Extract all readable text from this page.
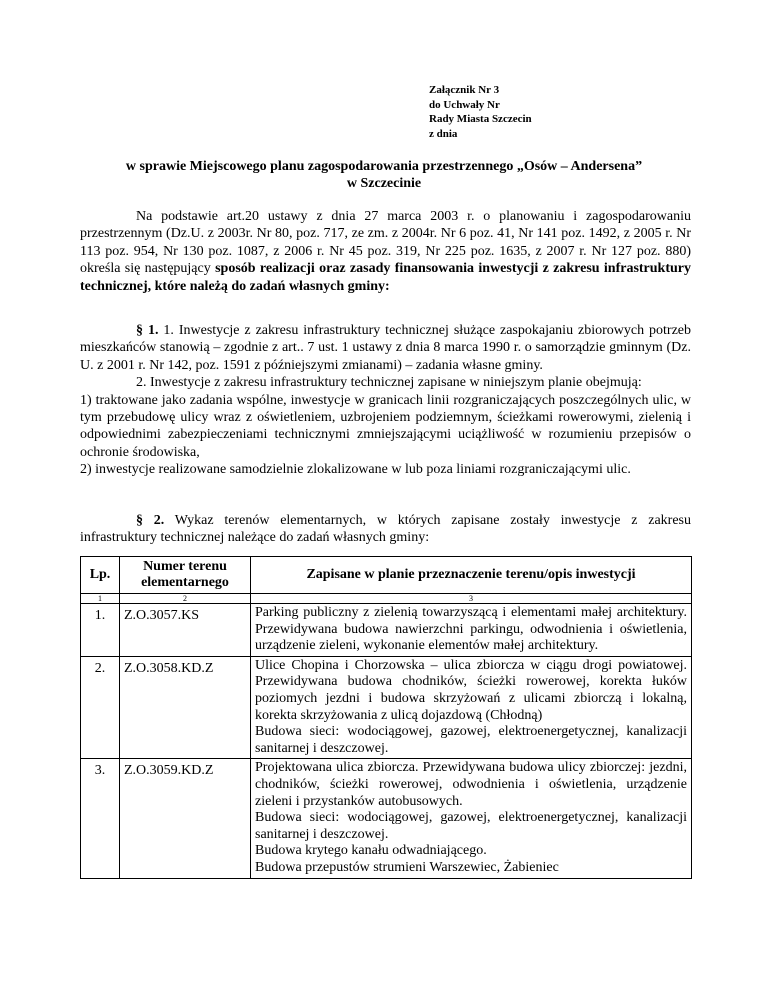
Załącznik Nr 3
do Uchwały Nr
Rady Miasta Szczecin
z dnia
w sprawie Miejscowego planu zagospodarowania przestrzennego „Osów – Andersena”
w Szczecinie

Na podstawie art.20 ustawy z dnia 27 marca 2003 r. o planowaniu i zagospodarowaniu przestrzennym (Dz.U. z 2003r. Nr 80, poz. 717, ze zm. z 2004r. Nr 6 poz. 41, Nr 141 poz. 1492, z 2005 r. Nr 113 poz. 954, Nr 130 poz. 1087, z 2006 r. Nr 45 poz. 319, Nr 225 poz. 1635, z 2007 r. Nr 127 poz. 880) określa się następujący sposób realizacji oraz zasady finansowania inwestycji z zakresu infrastruktury technicznej, które należą do zadań własnych gminy:

§ 1. 1. Inwestycje z zakresu infrastruktury technicznej służące zaspokajaniu zbiorowych potrzeb mieszkańców stanowią – zgodnie z art.. 7 ust. 1 ustawy z dnia 8 marca 1990 r. o samorządzie gminnym (Dz. U. z 2001 r. Nr 142, poz. 1591 z późniejszymi zmianami) – zadania własne gminy.

2. Inwestycje z zakresu infrastruktury technicznej zapisane w niniejszym planie obejmują:

1) traktowane jako zadania wspólne, inwestycje w granicach linii rozgraniczających poszczególnych ulic, w tym przebudowę ulicy wraz z oświetleniem, uzbrojeniem podziemnym, ścieżkami rowerowymi, zielenią i odpowiednimi zabezpieczeniami technicznymi zmniejszającymi uciążliwość w rozumieniu przepisów o ochronie środowiska,

2) inwestycje realizowane samodzielnie zlokalizowane w lub poza liniami rozgraniczającymi ulic.

§ 2. Wykaz terenów elementarnych, w których zapisane zostały inwestycje z zakresu infrastruktury technicznej należące do zadań własnych gminy:

Lp.	Numer terenu elementarnego	Zapisane w planie przeznaczenie terenu/opis inwestycji
1	2	3
1.	Z.O.3057.KS	Parking publiczny z zielenią towarzyszącą i elementami małej architektury. Przewidywana budowa nawierzchni parkingu, odwodnienia i oświetlenia, urządzenie zieleni, wykonanie elementów małej architektury.

2.	Z.O.3058.KD.Z	Ulice Chopina i Chorzowska – ulica zbiorcza w ciągu drogi powiatowej. Przewidywana budowa chodników, ścieżki rowerowej, korekta łuków poziomych jezdni i budowa skrzyżowań z ulicami zbiorczą i lokalną, korekta skrzyżowania z ulicą dojazdową (Chłodną)

Budowa sieci: wodociągowej, gazowej, elektroenergetycznej, kanalizacji sanitarnej i deszczowej.

3.	Z.O.3059.KD.Z	Projektowana ulica zbiorcza. Przewidywana budowa ulicy zbiorczej: jezdni, chodników, ścieżki rowerowej, odwodnienia i oświetlenia, urządzenie zieleni i przystanków autobusowych.

Budowa sieci: wodociągowej, gazowej, elektroenergetycznej, kanalizacji sanitarnej i deszczowej.

Budowa krytego kanału odwadniającego.

Budowa przepustów strumieni Warszewiec, Żabieniec
